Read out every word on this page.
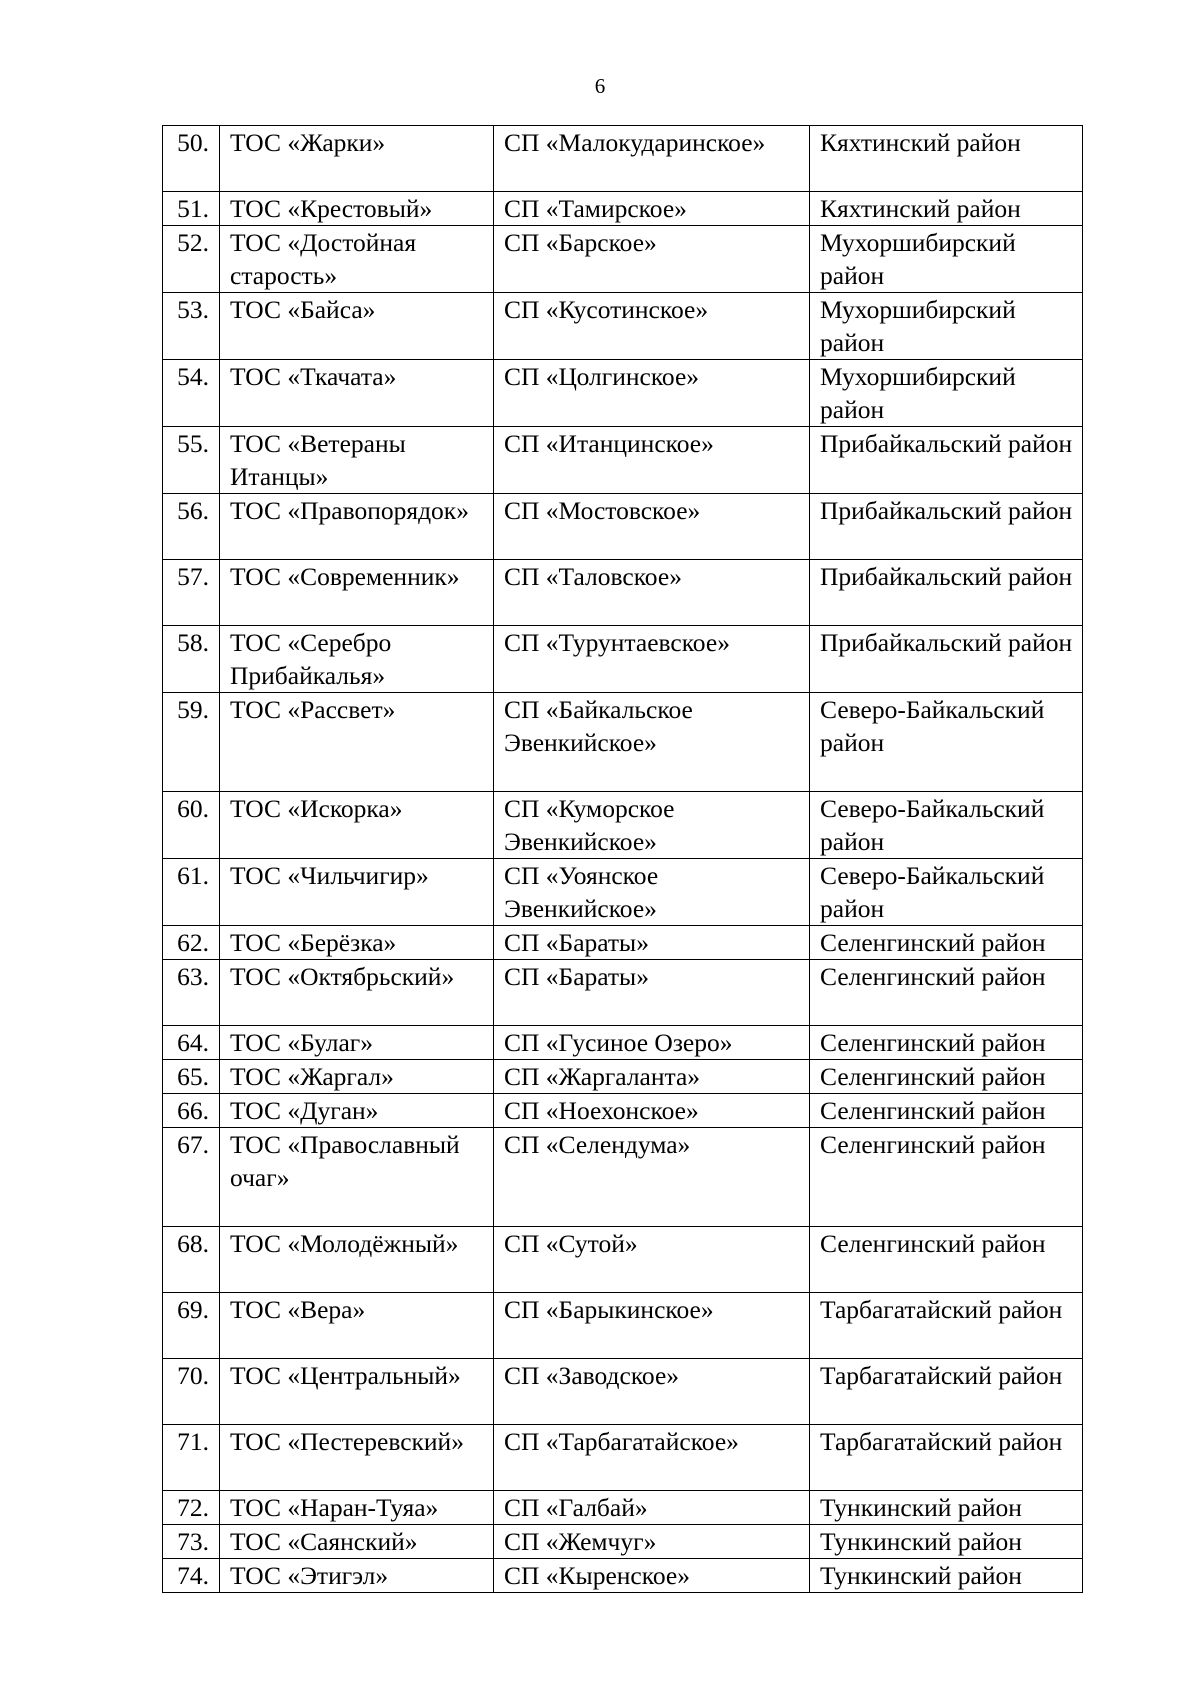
6
50.	ТОС «Жарки»	СП «Малокударинское»	Кяхтинский район
51.	ТОС «Крестовый»	СП «Тамирское»	Кяхтинский район
52.	ТОС «Достойная старость»	СП «Барское»	Мухоршибирский район
53.	ТОС «Байса»	СП «Кусотинское»	Мухоршибирский район
54.	ТОС «Ткачата»	СП «Цолгинское»	Мухоршибирский район
55.	ТОС «Ветераны Итанцы»	СП «Итанцинское»	Прибайкальский район
56.	ТОС «Правопорядок»	СП «Мостовское»	Прибайкальский район
57.	ТОС «Современник»	СП «Таловское»	Прибайкальский район
58.	ТОС «Серебро Прибайкалья»	СП «Турунтаевское»	Прибайкальский район
59.	ТОС «Рассвет»	СП «Байкальское Эвенкийское»	Северо-Байкальский район
60.	ТОС «Искорка»	СП «Куморское Эвенкийское»	Северо-Байкальский район
61.	ТОС «Чильчигир»	СП «Уоянское Эвенкийское»	Северо-Байкальский район
62.	ТОС «Берёзка»	СП «Бараты»	Селенгинский район
63.	ТОС «Октябрьский»	СП «Бараты»	Селенгинский район
64.	ТОС «Булаг»	СП «Гусиное Озеро»	Селенгинский район
65.	ТОС «Жаргал»	СП «Жаргаланта»	Селенгинский район
66.	ТОС «Дуган»	СП «Ноехонское»	Селенгинский район
67.	ТОС «Православный очаг»	СП «Селендума»	Селенгинский район
68.	ТОС «Молодёжный»	СП «Сутой»	Селенгинский район
69.	ТОС «Вера»	СП «Барыкинское»	Тарбагатайский район
70.	ТОС «Центральный»	СП «Заводское»	Тарбагатайский район
71.	ТОС «Пестеревский»	СП «Тарбагатайское»	Тарбагатайский район
72.	ТОС «Наран-Туяа»	СП «Галбай»	Тункинский район
73.	ТОС «Саянский»	СП «Жемчуг»	Тункинский район
74.	ТОС «Этигэл»	СП «Кыренское»	Тункинский район
